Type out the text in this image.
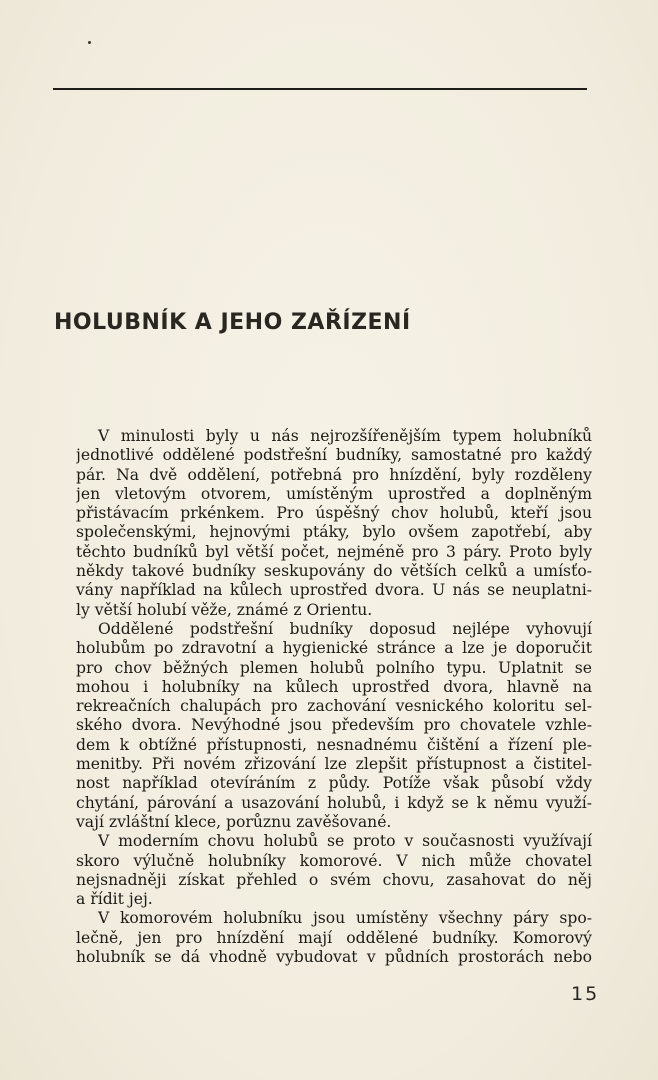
HOLUBNÍK A JEHO ZAŘÍZENÍ
V minulosti byly u nás nejrozšířenějším typem holubníků
jednotlivé oddělené podstřešní budníky, samostatné pro každý
pár. Na dvě oddělení, potřebná pro hnízdění, byly rozděleny
jen vletovým otvorem, umístěným uprostřed a doplněným
přistávacím prkénkem. Pro úspěšný chov holubů, kteří jsou
společenskými, hejnovými ptáky, bylo ovšem zapotřebí, aby
těchto budníků byl větší počet, nejméně pro 3 páry. Proto byly
někdy takové budníky seskupovány do větších celků a umísťo-
vány například na kůlech uprostřed dvora. U nás se neuplatni-
ly větší holubí věže, známé z Orientu.
Oddělené podstřešní budníky doposud nejlépe vyhovují
holubům po zdravotní a hygienické stránce a lze je doporučit
pro chov běžných plemen holubů polního typu. Uplatnit se
mohou i holubníky na kůlech uprostřed dvora, hlavně na
rekreačních chalupách pro zachování vesnického koloritu sel-
ského dvora. Nevýhodné jsou především pro chovatele vzhle-
dem k obtížné přístupnosti, nesnadnému čištění a řízení ple-
menitby. Při novém zřizování lze zlepšit přístupnost a čistitel-
nost například otevíráním z půdy. Potíže však působí vždy
chytání, párování a usazování holubů, i když se k němu využí-
vají zvláštní klece, porůznu zavěšované.
V moderním chovu holubů se proto v současnosti využívají
skoro výlučně holubníky komorové. V nich může chovatel
nejsnadněji získat přehled o svém chovu, zasahovat do něj
a řídit jej.
V komorovém holubníku jsou umístěny všechny páry spo-
lečně, jen pro hnízdění mají oddělené budníky. Komorový
holubník se dá vhodně vybudovat v půdních prostorách nebo
15
